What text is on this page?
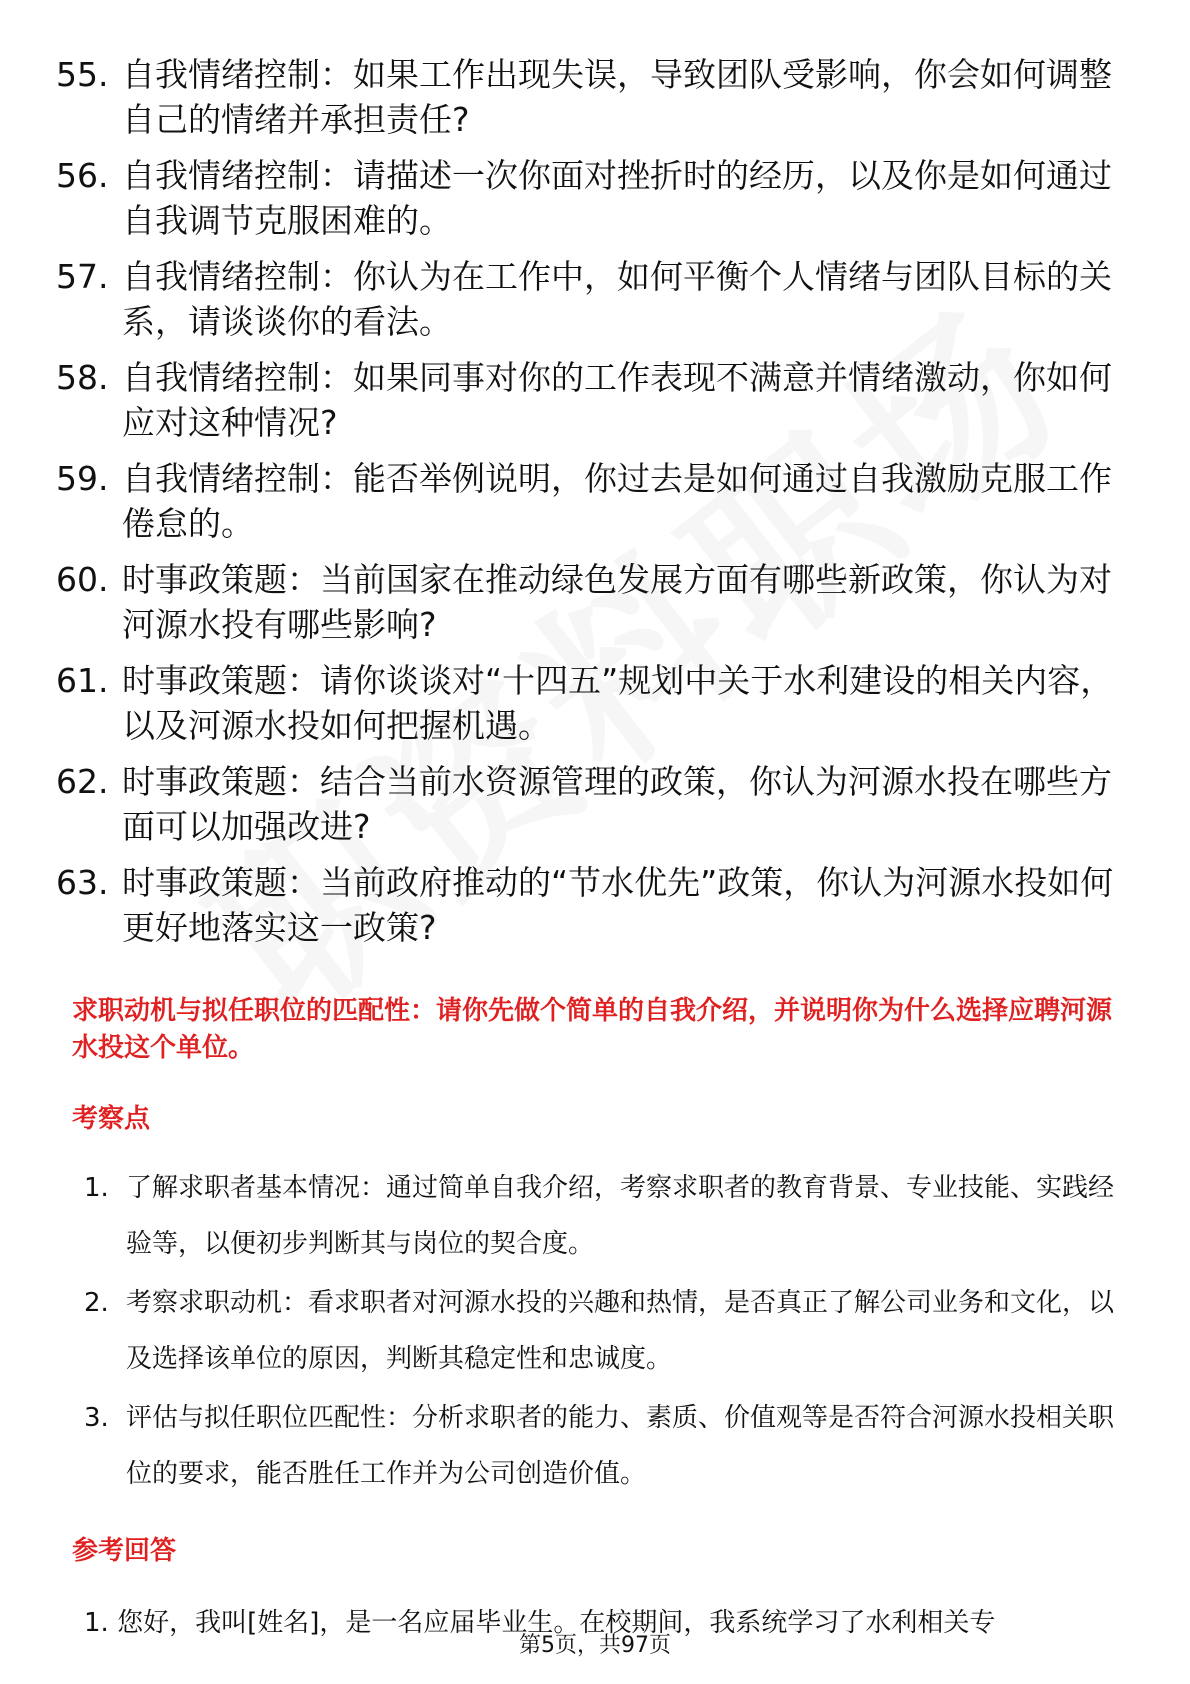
55. 自我情绪控制：如果工作出现失误，导致团队受影响，你会如何调整自己的情绪并承担责任?
56. 自我情绪控制：请描述一次你面对挫折时的经历，以及你是如何通过自我调节克服困难的。
57. 自我情绪控制：你认为在工作中，如何平衡个人情绪与团队目标的关系，请谈谈你的看法。
58. 自我情绪控制：如果同事对你的工作表现不满意并情绪激动，你如何应对这种情况?
59. 自我情绪控制：能否举例说明，你过去是如何通过自我激励克服工作倦怠的。
60. 时事政策题：当前国家在推动绿色发展方面有哪些新政策，你认为对河源水投有哪些影响?
61. 时事政策题：请你谈谈对“十四五”规划中关于水利建设的相关内容，以及河源水投如何把握机遇。
62. 时事政策题：结合当前水资源管理的政策，你认为河源水投在哪些方面可以加强改进?
63. 时事政策题：当前政府推动的“节水优先”政策，你认为河源水投如何更好地落实这一政策?
求职动机与拟任职位的匹配性：请你先做个简单的自我介绍，并说明你为什么选择应聘河源水投这个单位。
考察点
1. 了解求职者基本情况：通过简单自我介绍，考察求职者的教育背景、专业技能、实践经验等，以便初步判断其与岗位的契合度。
2. 考察求职动机：看求职者对河源水投的兴趣和热情，是否真正了解公司业务和文化，以及选择该单位的原因，判断其稳定性和忠诚度。
3. 评估与拟任职位匹配性：分析求职者的能力、素质、价值观等是否符合河源水投相关职位的要求，能否胜任工作并为公司创造价值。
参考回答
1. 您好，我叫[姓名]，是一名应届毕业生。在校期间，我系统学习了水利相关专
第5页，共97页
